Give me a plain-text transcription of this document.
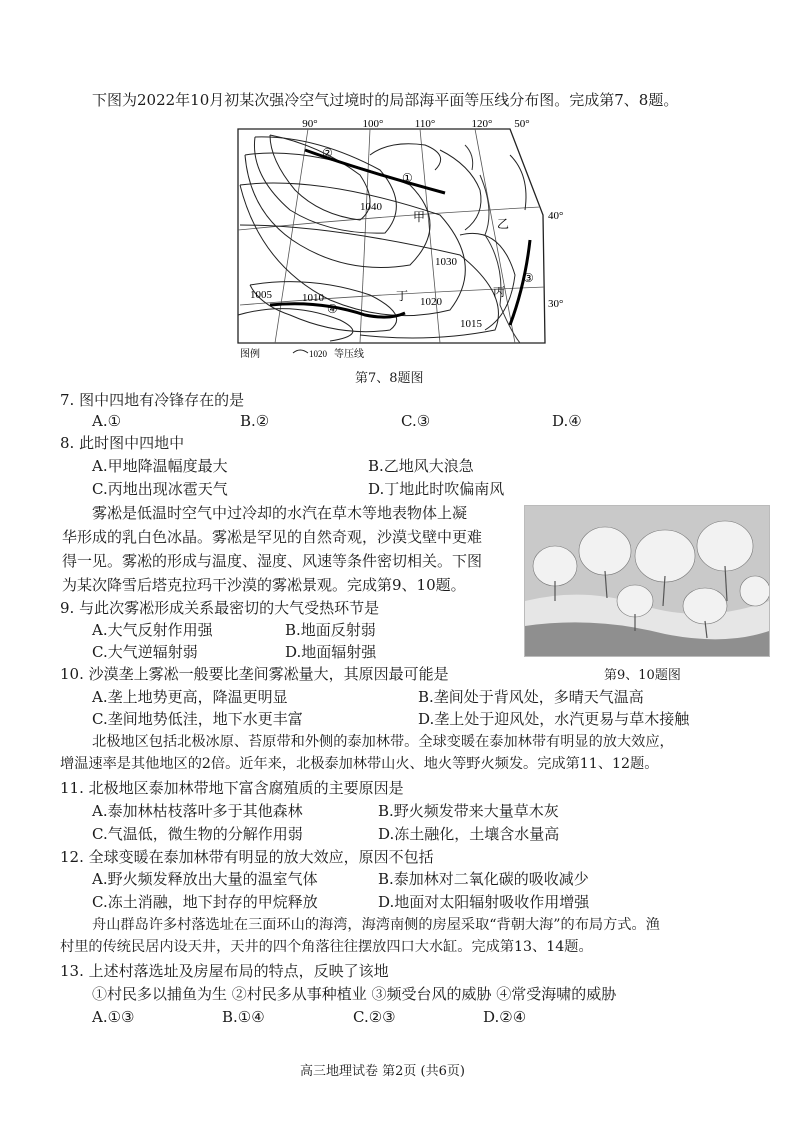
下图为2022年10月初某次强冷空气过境时的局部海平面等压线分布图。完成第7、8题。
90°	100°	110°	120° 50°
40°
30°
1040
1030
1020
1015
1010
1005
甲	乙
丙
丁
①
②
③
④
图例	1020 等压线
第7、8题图
7. 图中四地有冷锋存在的是
A.①	B.②	C.③	D.④
8. 此时图中四地中
A.甲地降温幅度最大	B.乙地风大浪急
C.丙地出现冰雹天气	D.丁地此时吹偏南风
雾凇是低温时空气中过冷却的水汽在草木等地表物体上凝
华形成的乳白色冰晶。雾凇是罕见的自然奇观，沙漠戈壁中更难
得一见。雾凇的形成与温度、湿度、风速等条件密切相关。下图
为某次降雪后塔克拉玛干沙漠的雾凇景观。完成第9、10题。
第9、10题图
9. 与此次雾凇形成关系最密切的大气受热环节是
A.大气反射作用强	B.地面反射弱
C.大气逆辐射弱	D.地面辐射强
10. 沙漠垄上雾凇一般要比垄间雾凇量大，其原因最可能是
A.垄上地势更高，降温更明显	B.垄间处于背风处，多晴天气温高
C.垄间地势低洼，地下水更丰富	D.垄上处于迎风处，水汽更易与草木接触
北极地区包括北极冰原、苔原带和外侧的泰加林带。全球变暖在泰加林带有明显的放大效应，
增温速率是其他地区的2倍。近年来，北极泰加林带山火、地火等野火频发。完成第11、12题。
11. 北极地区泰加林带地下富含腐殖质的主要原因是
A.泰加林枯枝落叶多于其他森林	B.野火频发带来大量草木灰
C.气温低，微生物的分解作用弱	D.冻土融化，土壤含水量高
12. 全球变暖在泰加林带有明显的放大效应，原因不包括
A.野火频发释放出大量的温室气体	B.泰加林对二氧化碳的吸收减少
C.冻土消融，地下封存的甲烷释放	D.地面对太阳辐射吸收作用增强
舟山群岛许多村落选址在三面环山的海湾，海湾南侧的房屋采取“背朝大海”的布局方式。渔
村里的传统民居内设天井，天井的四个角落往往摆放四口大水缸。完成第13、14题。
13. 上述村落选址及房屋布局的特点，反映了该地
①村民多以捕鱼为生 ②村民多从事种植业 ③频受台风的威胁 ④常受海啸的威胁
A.①③	B.①④	C.②③	D.②④
高三地理试卷 第2页 (共6页)
